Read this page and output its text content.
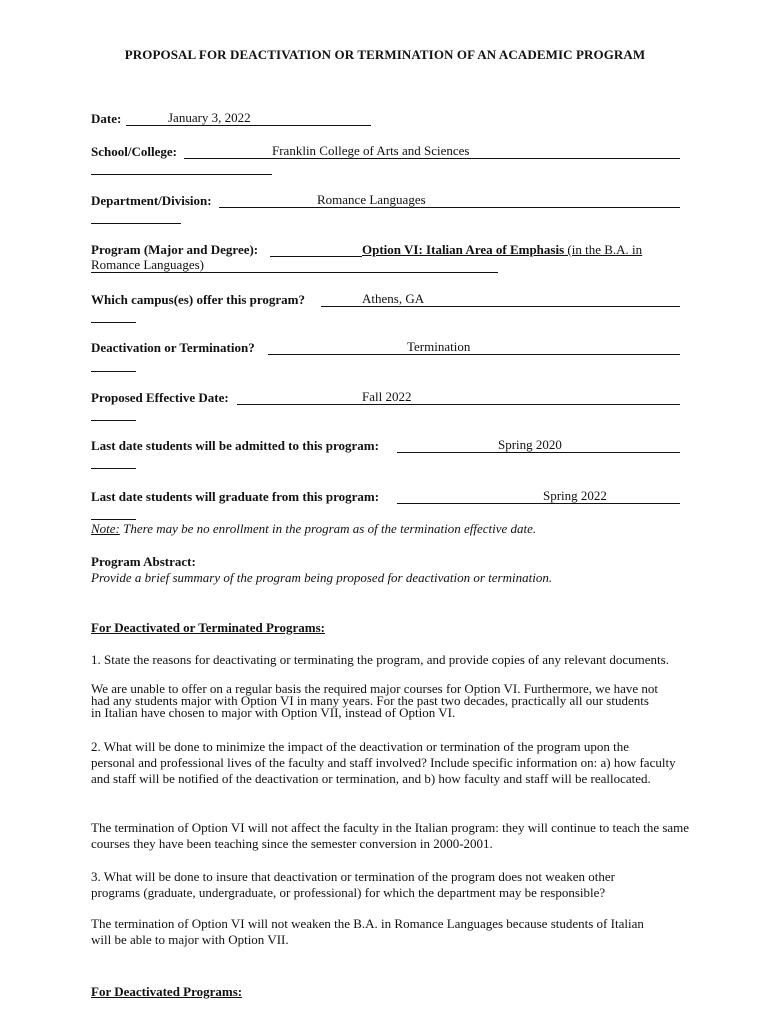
PROPOSAL FOR DEACTIVATION OR TERMINATION OF AN ACADEMIC PROGRAM
Date:	January 3, 2022
School/College:	Franklin College of Arts and Sciences
Department/Division:	Romance Languages
Program (Major and Degree):	Option VI: Italian Area of Emphasis (in the B.A. in
Romance Languages)
Which campus(es) offer this program?	Athens, GA
Deactivation or Termination?	Termination
Proposed Effective Date:	Fall 2022
Last date students will be admitted to this program:	Spring 2020
Last date students will graduate from this program:	Spring 2022
Note: There may be no enrollment in the program as of the termination effective date.
Program Abstract:
Provide a brief summary of the program being proposed for deactivation or termination.
For Deactivated or Terminated Programs:
1. State the reasons for deactivating or terminating the program, and provide copies of any relevant documents.
We are unable to offer on a regular basis the required major courses for Option VI. Furthermore, we have not
had any students major with Option VI in many years. For the past two decades, practically all our students
in Italian have chosen to major with Option VII, instead of Option VI.
2. What will be done to minimize the impact of the deactivation or termination of the program upon the personal and professional lives of the faculty and staff involved? Include specific information on: a) how faculty and staff will be notified of the deactivation or termination, and b) how faculty and staff will be reallocated.
The termination of Option VI will not affect the faculty in the Italian program: they will continue to teach the same courses they have been teaching since the semester conversion in 2000-2001.
3. What will be done to insure that deactivation or termination of the program does not weaken other programs (graduate, undergraduate, or professional) for which the department may be responsible?
The termination of Option VI will not weaken the B.A. in Romance Languages because students of Italian
will be able to major with Option VII.
For Deactivated Programs:
